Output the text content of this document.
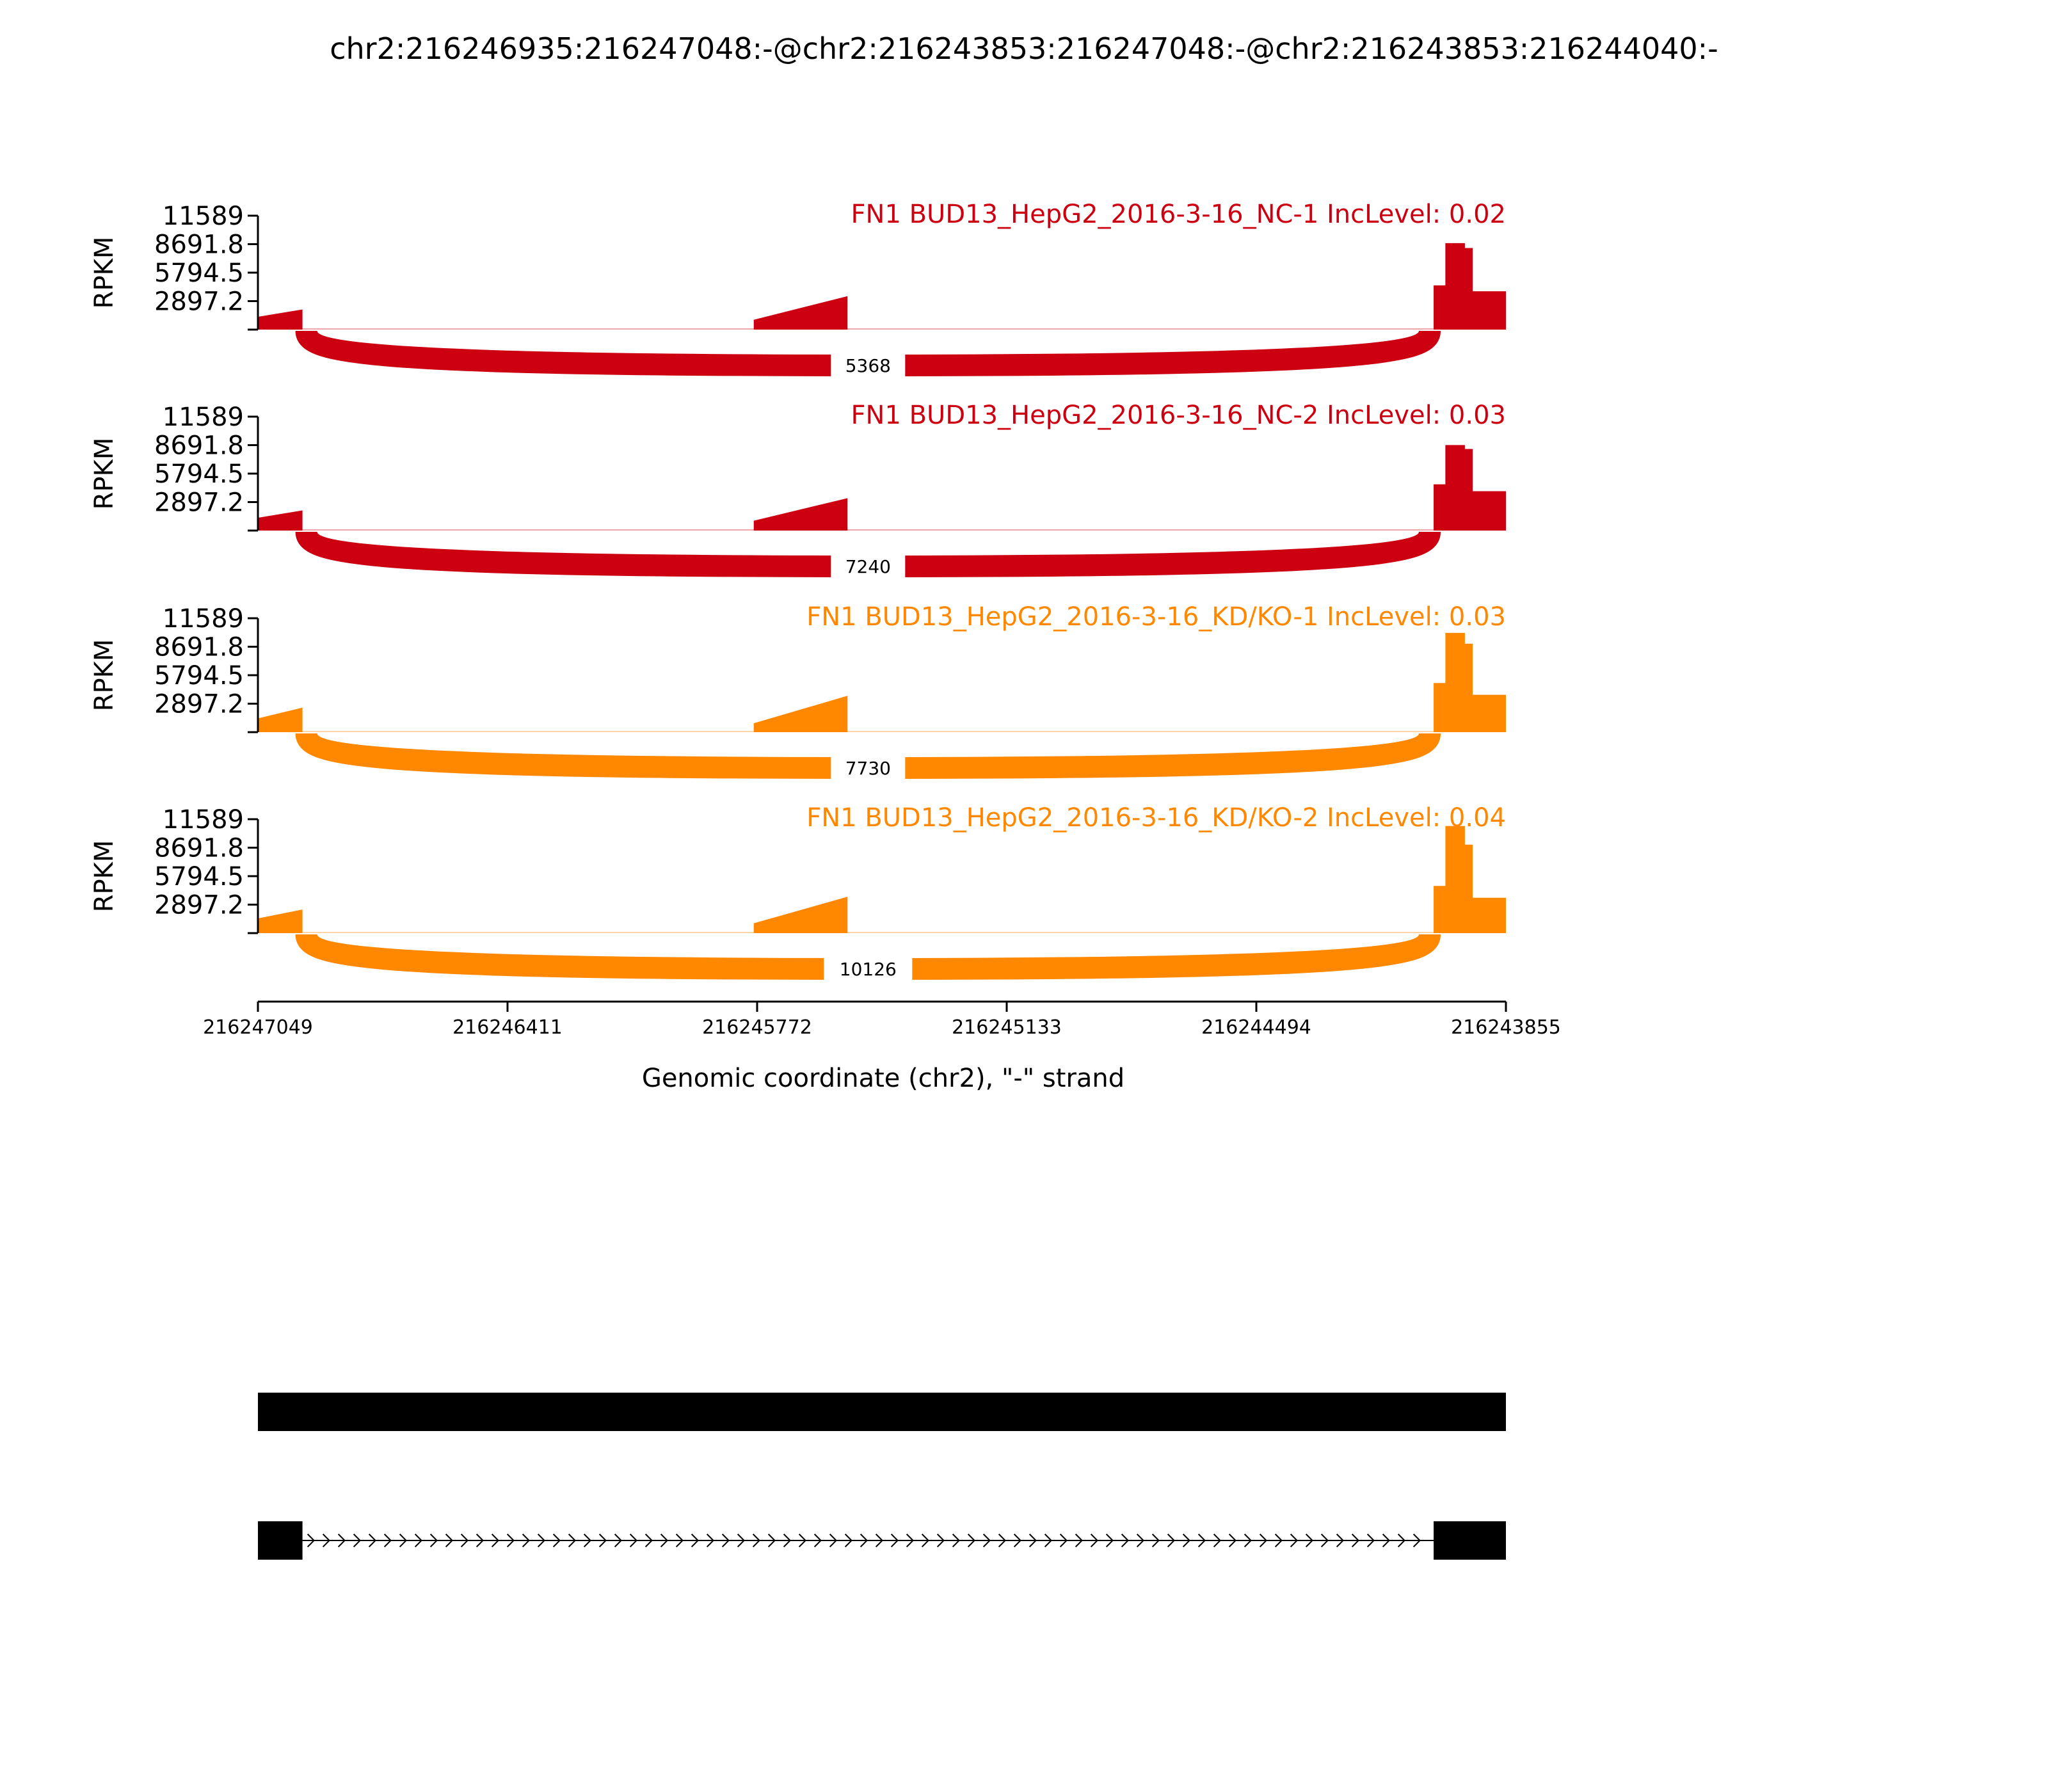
chr2:216246935:216247048:-@chr2:216243853:216247048:-@chr2:216243853:216244040:-
5368
2897.2
5794.5
8691.8
11589
RPKM
FN1 BUD13_HepG2_2016-3-16_NC-1 IncLevel: 0.02
7240
2897.2
5794.5
8691.8
11589
RPKM
FN1 BUD13_HepG2_2016-3-16_NC-2 IncLevel: 0.03
7730
2897.2
5794.5
8691.8
11589
RPKM
FN1 BUD13_HepG2_2016-3-16_KD/KO-1 IncLevel: 0.03
10126
2897.2
5794.5
8691.8
11589
RPKM
FN1 BUD13_HepG2_2016-3-16_KD/KO-2 IncLevel: 0.04
216247049	216246411	216245772	216245133	216244494	216243855
Genomic coordinate (chr2), "-" strand
